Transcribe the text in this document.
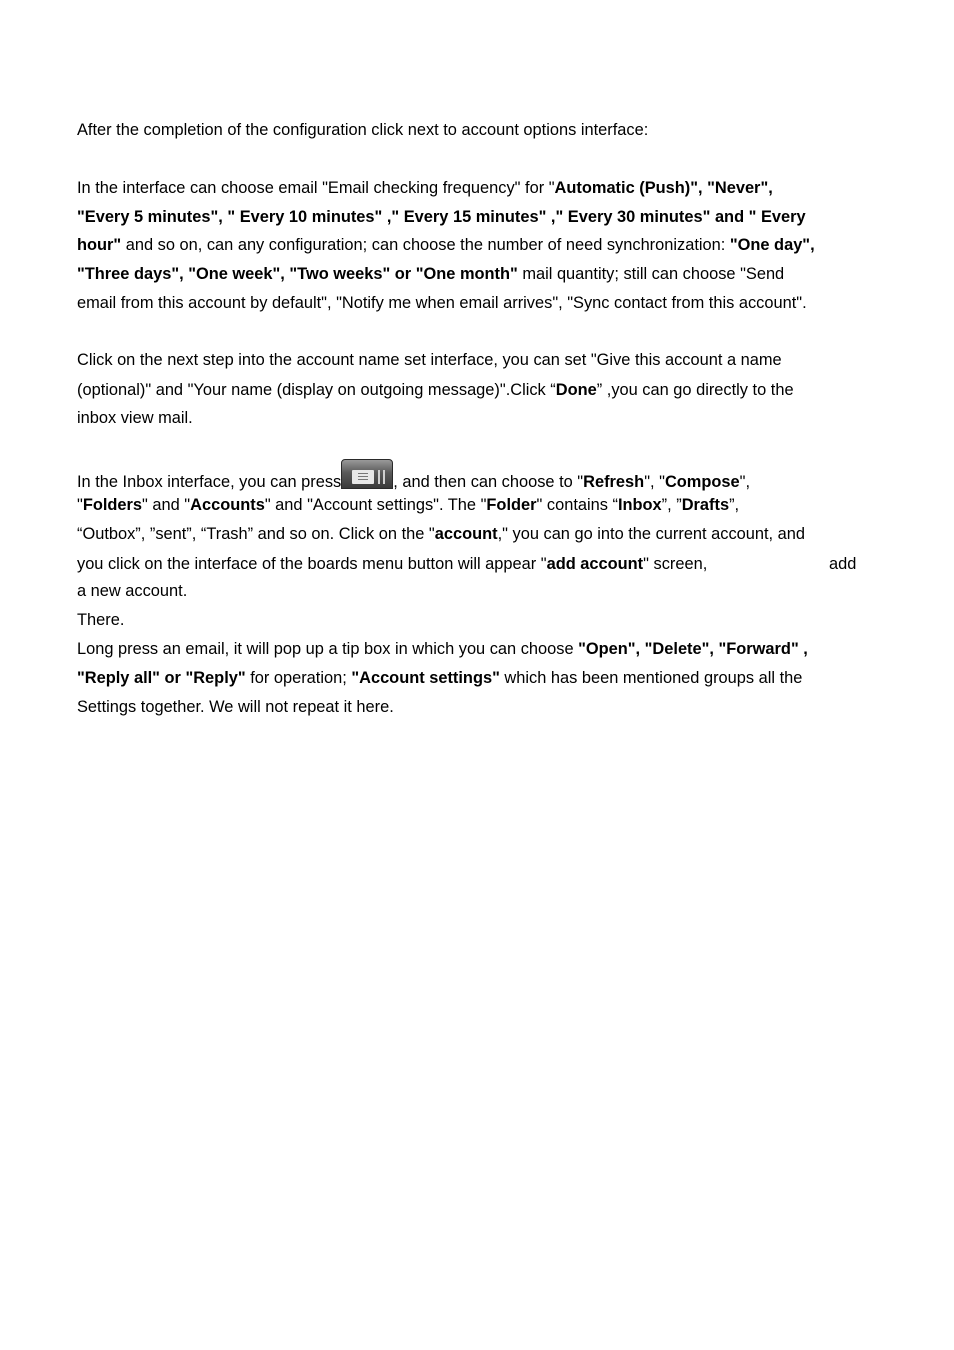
After the completion of the configuration click next to account options interface:
In the interface can choose email "Email checking frequency" for "Automatic (Push)", "Never",
"Every 5 minutes", " Every 10 minutes" ," Every 15 minutes" ," Every 30 minutes" and " Every
hour" and so on, can any configuration; can choose the number of need synchronization: "One day",
"Three days", "One week", "Two weeks" or "One month" mail quantity; still can choose "Send
email from this account by default", "Notify me when email arrives", "Sync contact from this account".
Click on the next step into the account name set interface, you can set "Give this account a name
(optional)" and "Your name (display on outgoing message)".Click “Done” ,you can go directly to the
inbox view mail.
In the Inbox interface, you can press	, and then can choose to "Refresh", "Compose",
"Folders" and "Accounts" and "Account settings". The "Folder" contains “Inbox”, ”Drafts”,
“Outbox”, ”sent”, “Trash” and so on. Click on the "account," you can go into the current account, and
you click on the interface of the boards menu button will appear "add account" screen,	add
a new account.
There.
Long press an email, it will pop up a tip box in which you can choose "Open", "Delete", "Forward" ,
"Reply all" or "Reply" for operation; "Account settings" which has been mentioned groups all the
Settings together. We will not repeat it here.
